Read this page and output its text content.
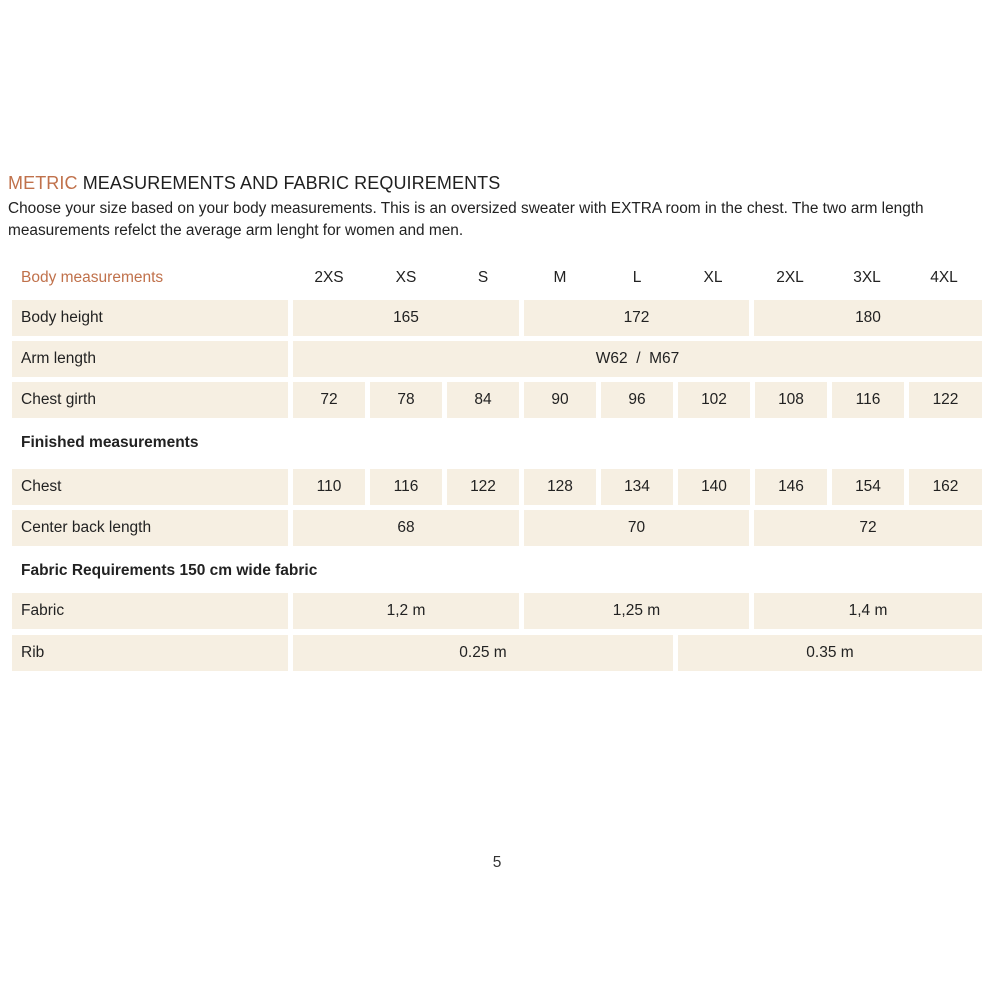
METRIC MEASUREMENTS AND FABRIC REQUIREMENTS
Choose your size based on your body measurements. This is an oversized sweater with EXTRA room in the chest. The two arm length measurements refelct the average arm lenght for women and men.
Body measurements	2XS	XS	S	M	L	XL	2XL	3XL	4XL
Body height	165	172	180
Arm length	W62  /  M67
Chest girth	72	78	84	90	96	102	108	116	122
Finished measurements
Chest	110	116	122	128	134	140	146	154	162
Center back length	68	70	72
Fabric Requirements 150 cm wide fabric
Fabric	1,2 m	1,25 m	1,4 m
Rib	0.25 m	0.35 m
5
